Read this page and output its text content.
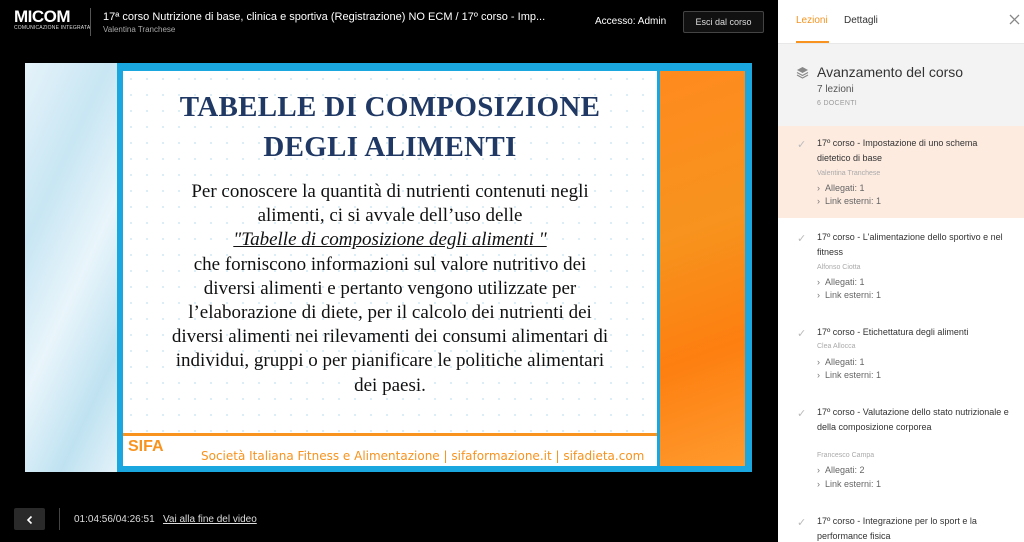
MICOM
COMUNICAZIONE INTEGRATA
17ª corso Nutrizione di base, clinica e sportiva (Registrazione) NO ECM / 17º corso - Imp...
Valentina Tranchese
Accesso: Admin	Esci dal corso
SIFA
Società Italiana Fitness e Alimentazione | sifaformazione.it | sifadieta.com
TABELLE DI COMPOSIZIONE
DEGLI ALIMENTI
Per conoscere la quantità di nutrienti contenuti negli
alimenti, ci si avvale dell’uso delle
"Tabelle di composizione degli alimenti "
che forniscono informazioni sul valore nutritivo dei
diversi alimenti e pertanto vengono utilizzate per
l’elaborazione di diete, per il calcolo dei nutrienti dei
diversi alimenti nei rilevamenti dei consumi alimentari di
individui, gruppi o per pianificare le politiche alimentari
dei paesi.
01:04:56/04:26:51 Vai alla fine del video
Lezioni Dettagli
Avanzamento del corso
7 lezioni
6 DOCENTI
✓ 17º corso - Impostazione di uno schema dietetico di base
Valentina Tranchese
› Allegati: 1
› Link esterni: 1
✓ 17º corso - L'alimentazione dello sportivo e nel fitness
Alfonso Ciotta
› Allegati: 1
› Link esterni: 1
✓ 17º corso - Etichettatura degli alimenti
Clea Allocca
› Allegati: 1
› Link esterni: 1
✓ 17º corso - Valutazione dello stato nutrizionale e della composizione corporea
Francesco Campa
› Allegati: 2
› Link esterni: 1
✓ 17º corso - Integrazione per lo sport e la performance fisica
